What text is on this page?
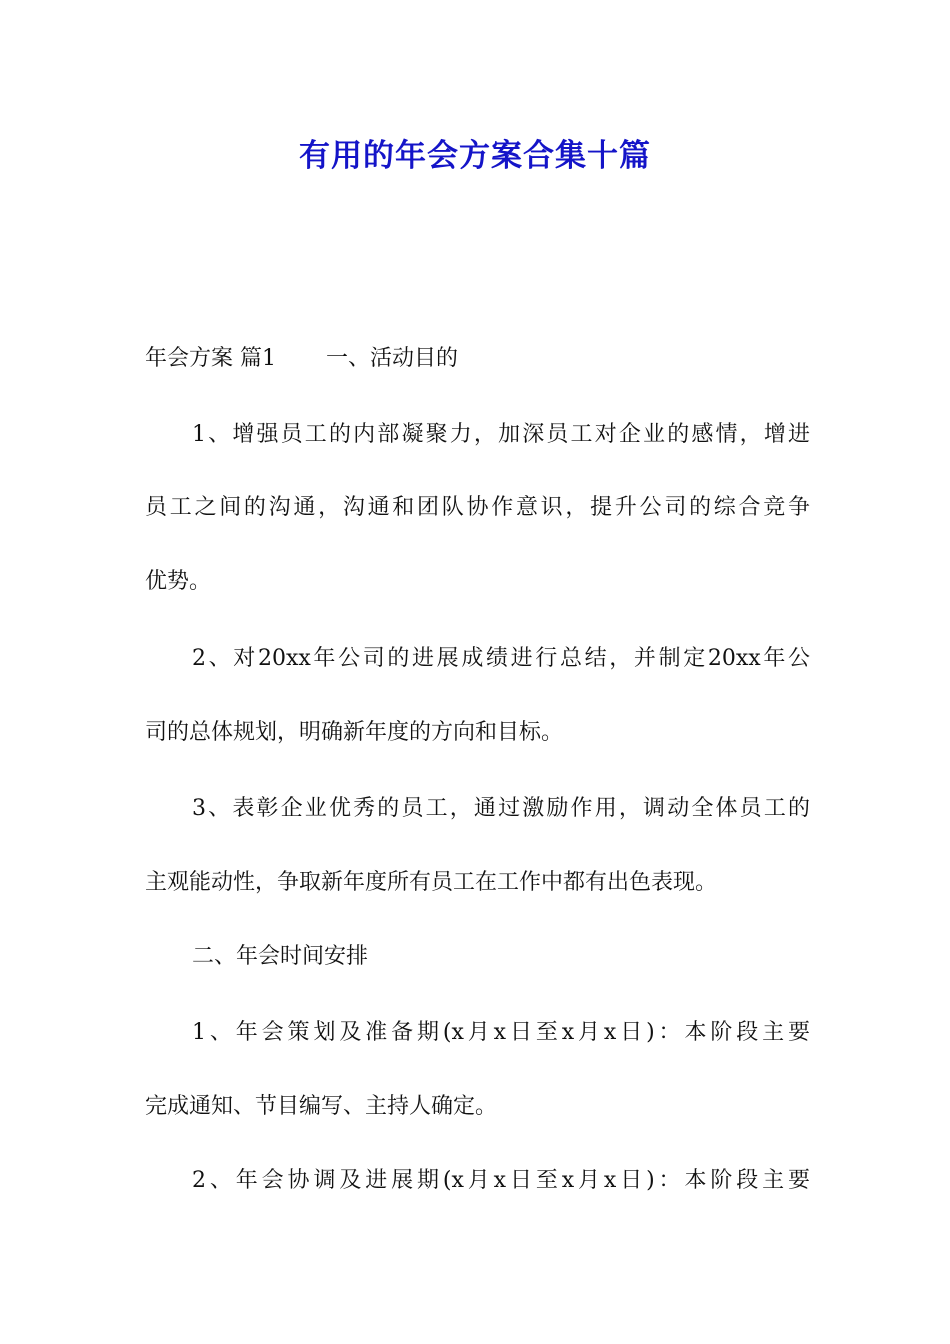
有用的年会方案合集十篇
年会方案 篇1 一、活动目的
1、增强员工的内部凝聚力，加深员工对企业的感情，增进
员工之间的沟通，沟通和团队协作意识，提升公司的综合竞争
优势。
2、对20xx年公司的进展成绩进行总结，并制定20xx年公
司的总体规划，明确新年度的方向和目标。
3、表彰企业优秀的员工，通过激励作用，调动全体员工的
主观能动性，争取新年度所有员工在工作中都有出色表现。
二、年会时间安排
1、年会策划及准备期(x月x日至x月x日)：本阶段主要
完成通知、节目编写、主持人确定。
2、年会协调及进展期(x月x日至x月x日)：本阶段主要
